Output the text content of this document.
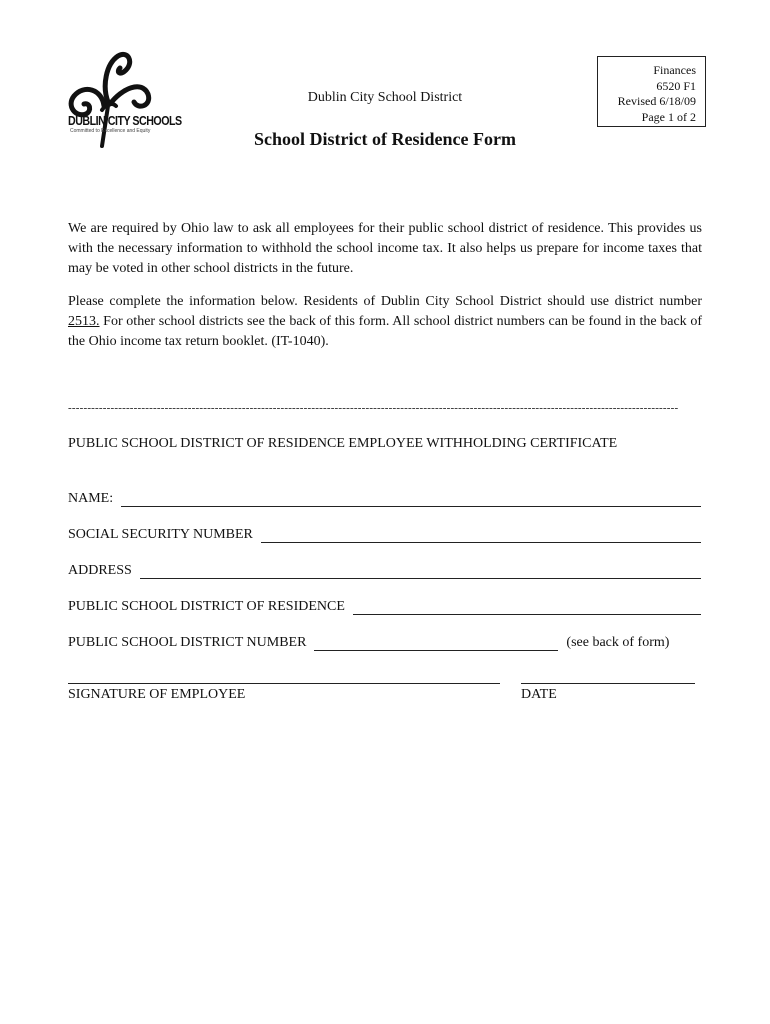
DUBLIN CITY SCHOOLS
Committed to Excellence and Equity
Dublin City School District
Finances
6520 F1
Revised 6/18/09
Page 1 of 2
School District of Residence Form
We are required by Ohio law to ask all employees for their public school district of residence. This provides us with the necessary information to withhold the school income tax. It also helps us prepare for income taxes that may be voted in other school districts in the future.
Please complete the information below. Residents of Dublin City School District should use district number 2513. For other school districts see the back of this form. All school district numbers can be found in the back of the Ohio income tax return booklet. (IT-1040).
--------------------------------------------------------------------------------------------------------------------------------------------------------------
PUBLIC SCHOOL DISTRICT OF RESIDENCE EMPLOYEE WITHHOLDING CERTIFICATE
NAME:
SOCIAL SECURITY NUMBER
ADDRESS
PUBLIC SCHOOL DISTRICT OF RESIDENCE
PUBLIC SCHOOL DISTRICT NUMBER	(see back of form)
SIGNATURE OF EMPLOYEE	DATE
